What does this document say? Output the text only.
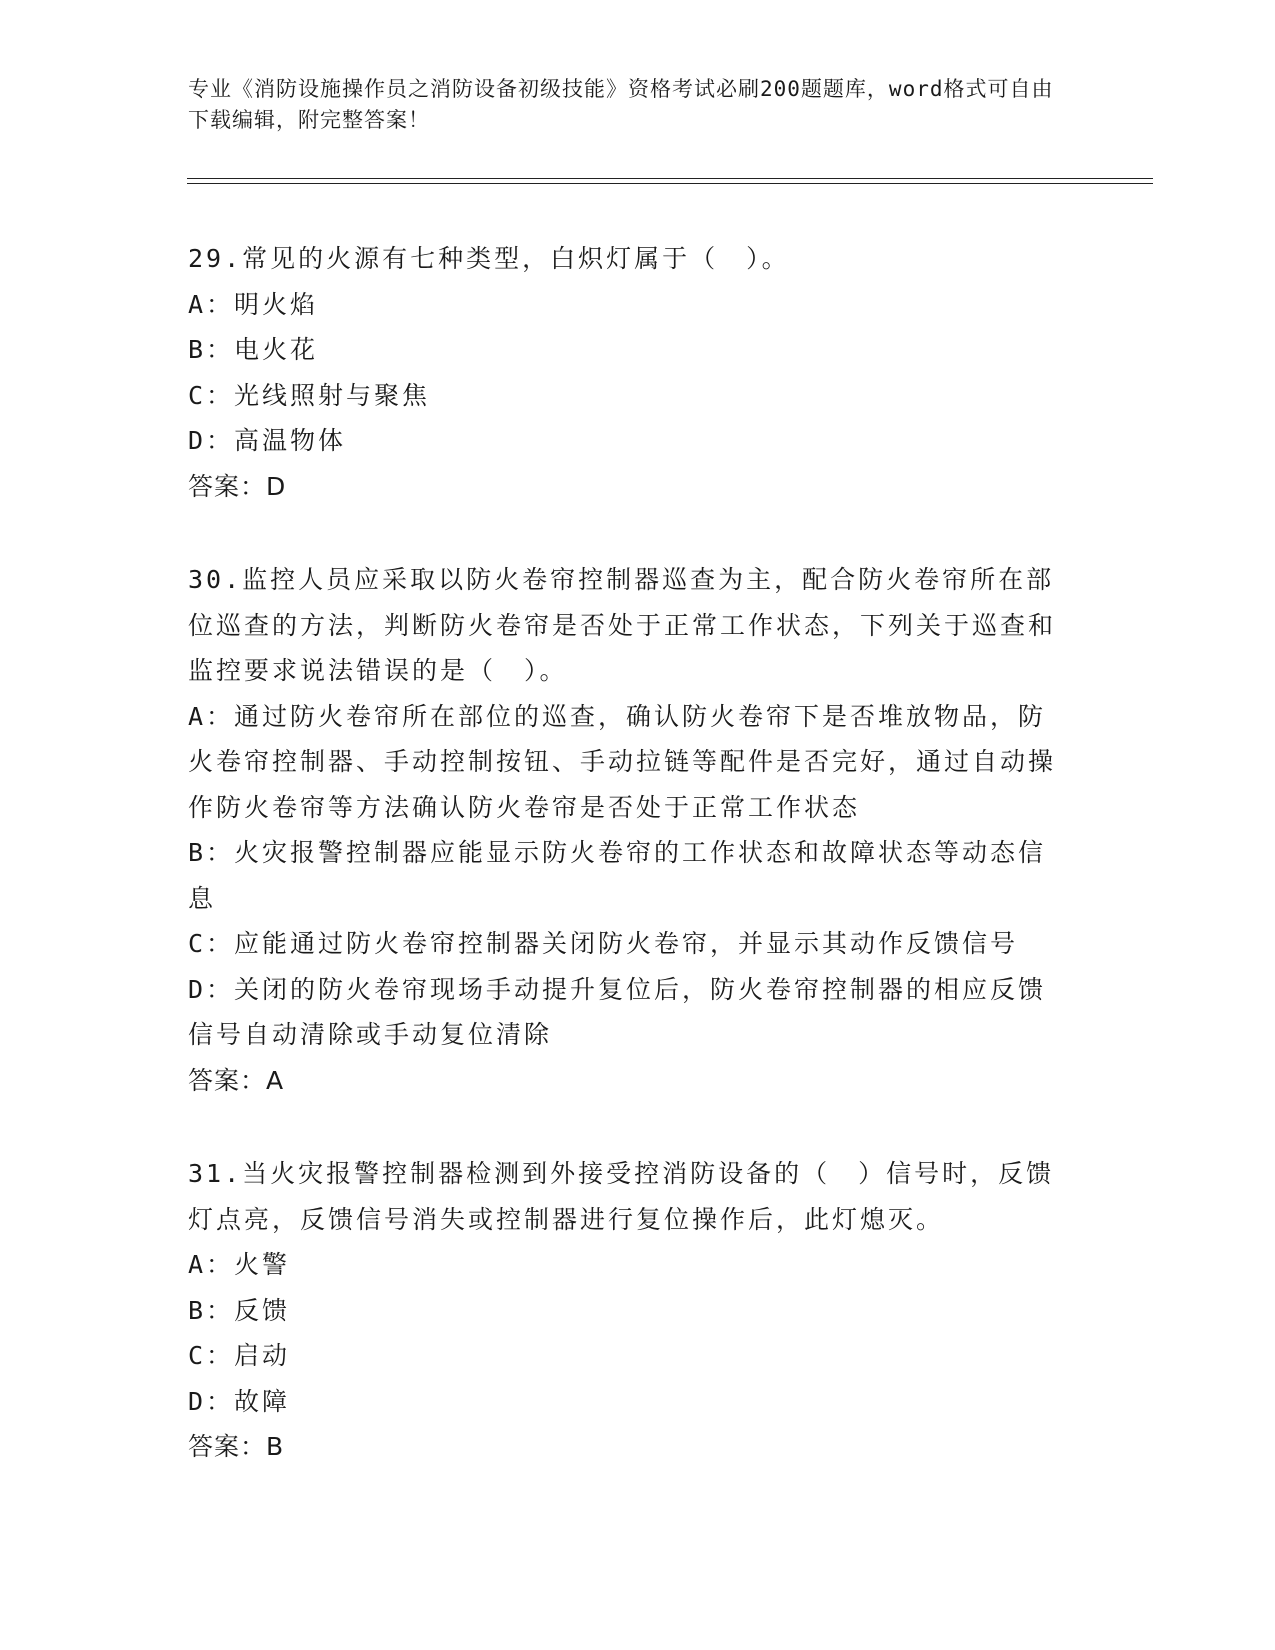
专业《消防设施操作员之消防设备初级技能》资格考试必刷200题题库，word格式可自由下载编辑，附完整答案！
29.常见的火源有七种类型，白炽灯属于（　）。
A：明火焰
B：电火花
C：光线照射与聚焦
D：高温物体
答案：D
30.监控人员应采取以防火卷帘控制器巡查为主，配合防火卷帘所在部位巡查的方法，判断防火卷帘是否处于正常工作状态，下列关于巡查和监控要求说法错误的是（　）。
A：通过防火卷帘所在部位的巡查，确认防火卷帘下是否堆放物品，防火卷帘控制器、手动控制按钮、手动拉链等配件是否完好，通过自动操作防火卷帘等方法确认防火卷帘是否处于正常工作状态
B：火灾报警控制器应能显示防火卷帘的工作状态和故障状态等动态信息
C：应能通过防火卷帘控制器关闭防火卷帘，并显示其动作反馈信号
D：关闭的防火卷帘现场手动提升复位后，防火卷帘控制器的相应反馈信号自动清除或手动复位清除
答案：A
31.当火灾报警控制器检测到外接受控消防设备的（　）信号时，反馈灯点亮，反馈信号消失或控制器进行复位操作后，此灯熄灭。
A：火警
B：反馈
C：启动
D：故障
答案：B
